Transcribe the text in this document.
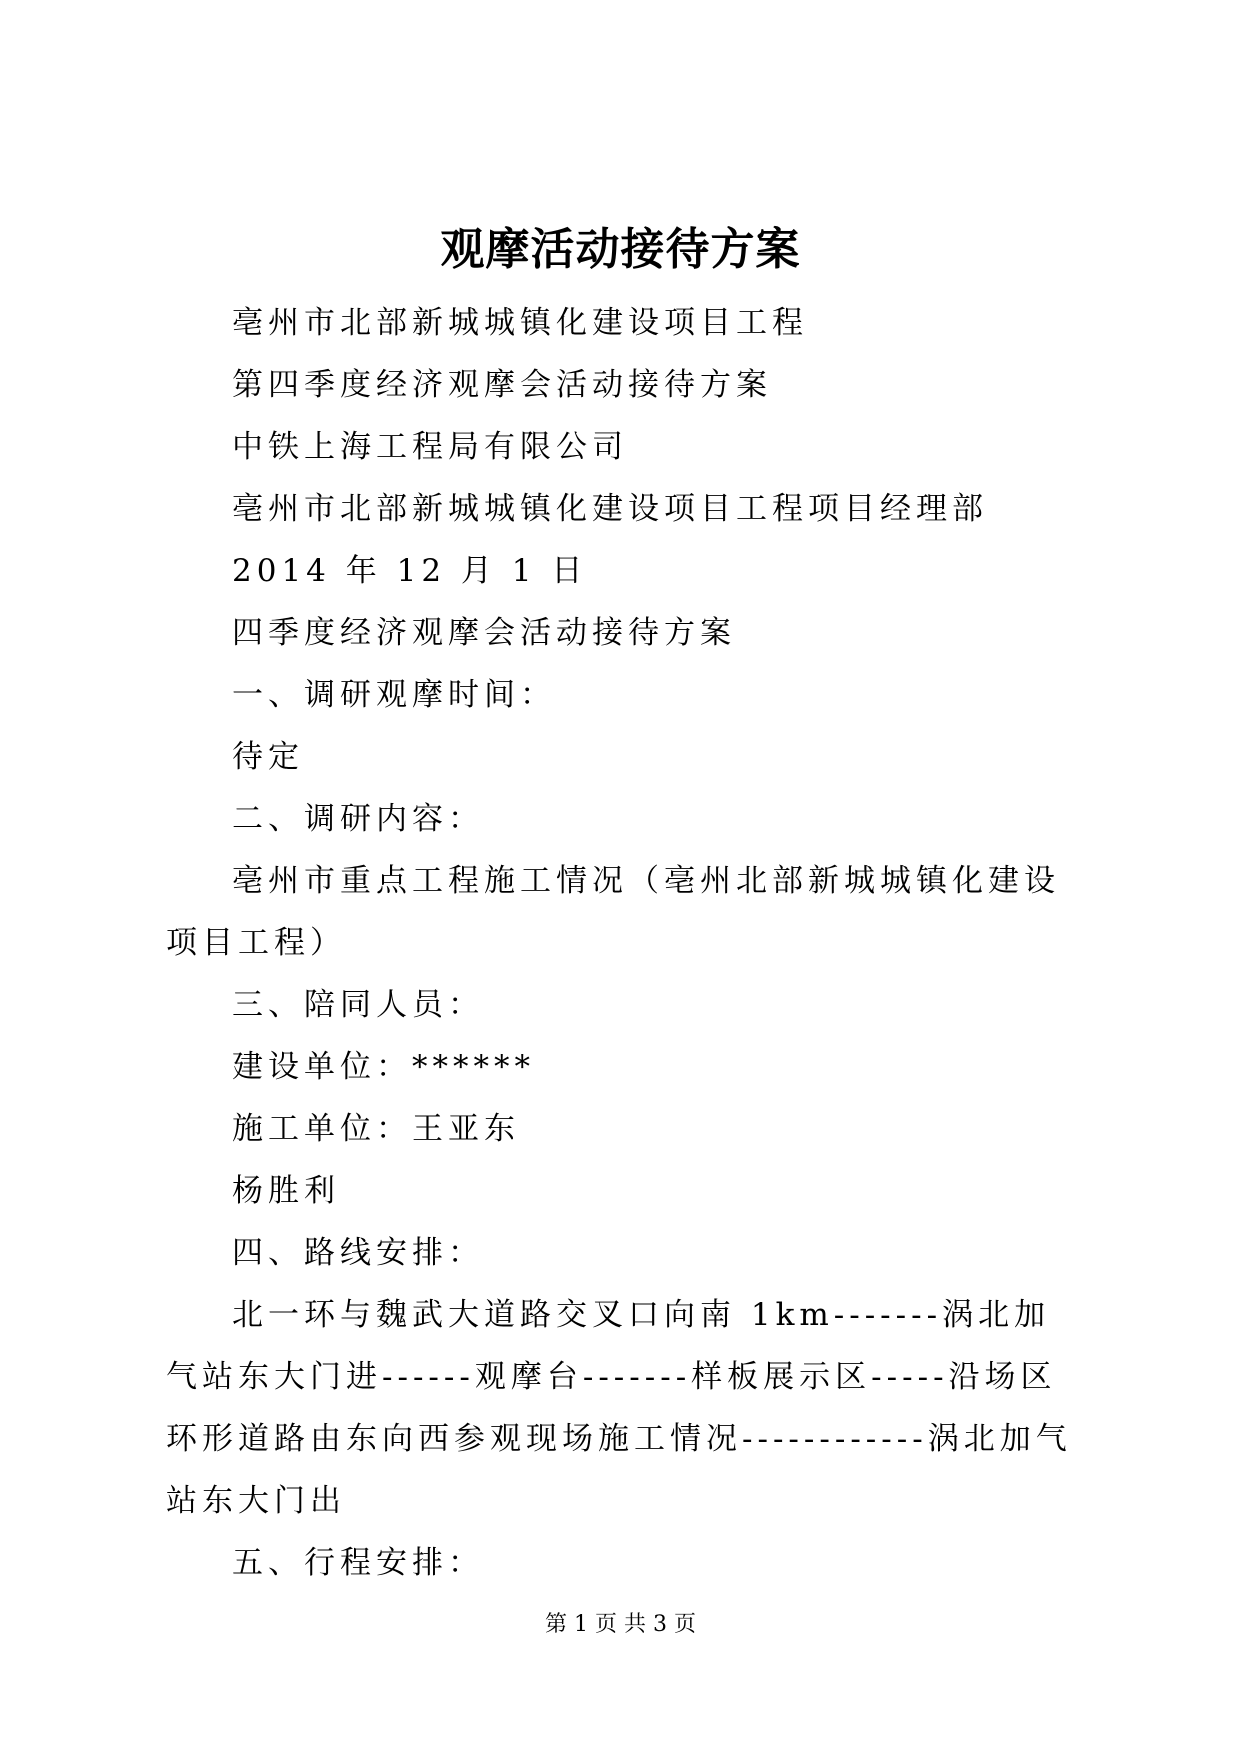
观摩活动接待方案

亳州市北部新城城镇化建设项目工程

第四季度经济观摩会活动接待方案

中铁上海工程局有限公司

亳州市北部新城城镇化建设项目工程项目经理部

2014 年 12 月 1 日

四季度经济观摩会活动接待方案

一、调研观摩时间：

待定

二、调研内容：

亳州市重点工程施工情况（亳州北部新城城镇化建设项目工程）

三、陪同人员：

建设单位：******

施工单位：王亚东

杨胜利

四、路线安排：

北一环与魏武大道路交叉口向南 1km-------涡北加气站东大门进------观摩台-------样板展示区-----沿场区环形道路由东向西参观现场施工情况------------涡北加气站东大门出

五、行程安排：

第 1 页 共 3 页
